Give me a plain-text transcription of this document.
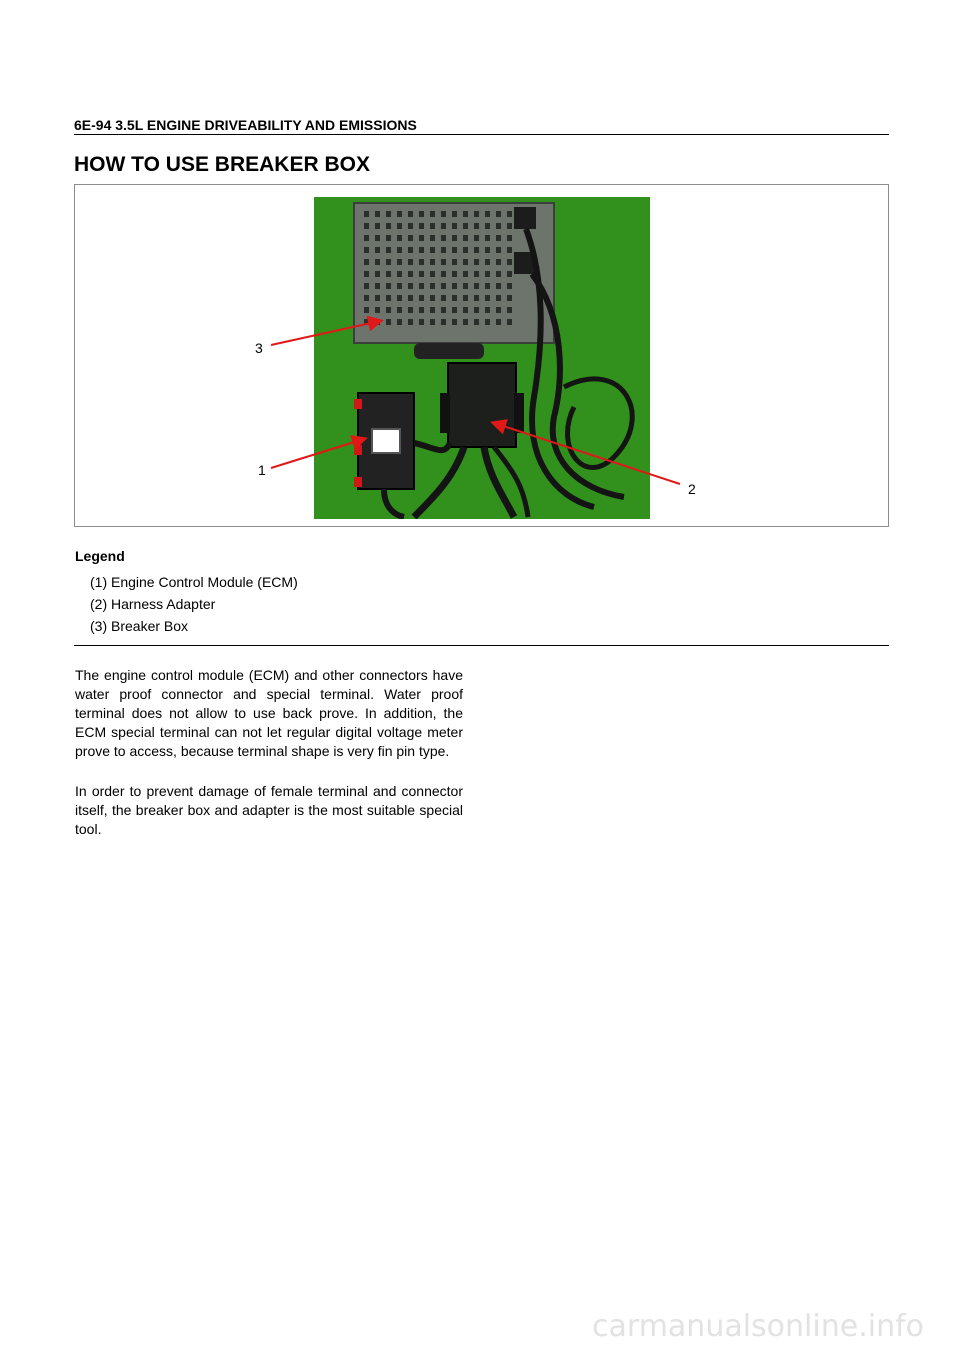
6E-94 3.5L ENGINE DRIVEABILITY AND EMISSIONS
HOW TO USE BREAKER BOX
3
1
2
Legend
(1) Engine Control Module (ECM)
(2) Harness Adapter
(3) Breaker Box

The engine control module (ECM) and other connectors have water proof connector and special terminal. Water proof terminal does not allow to use back prove. In addition, the ECM special terminal can not let regular digital voltage meter prove to access, because terminal shape is very fin pin type.

In order to prevent damage of female terminal and connector itself, the breaker box and adapter is the most suitable special tool.

carmanualsonline.info
